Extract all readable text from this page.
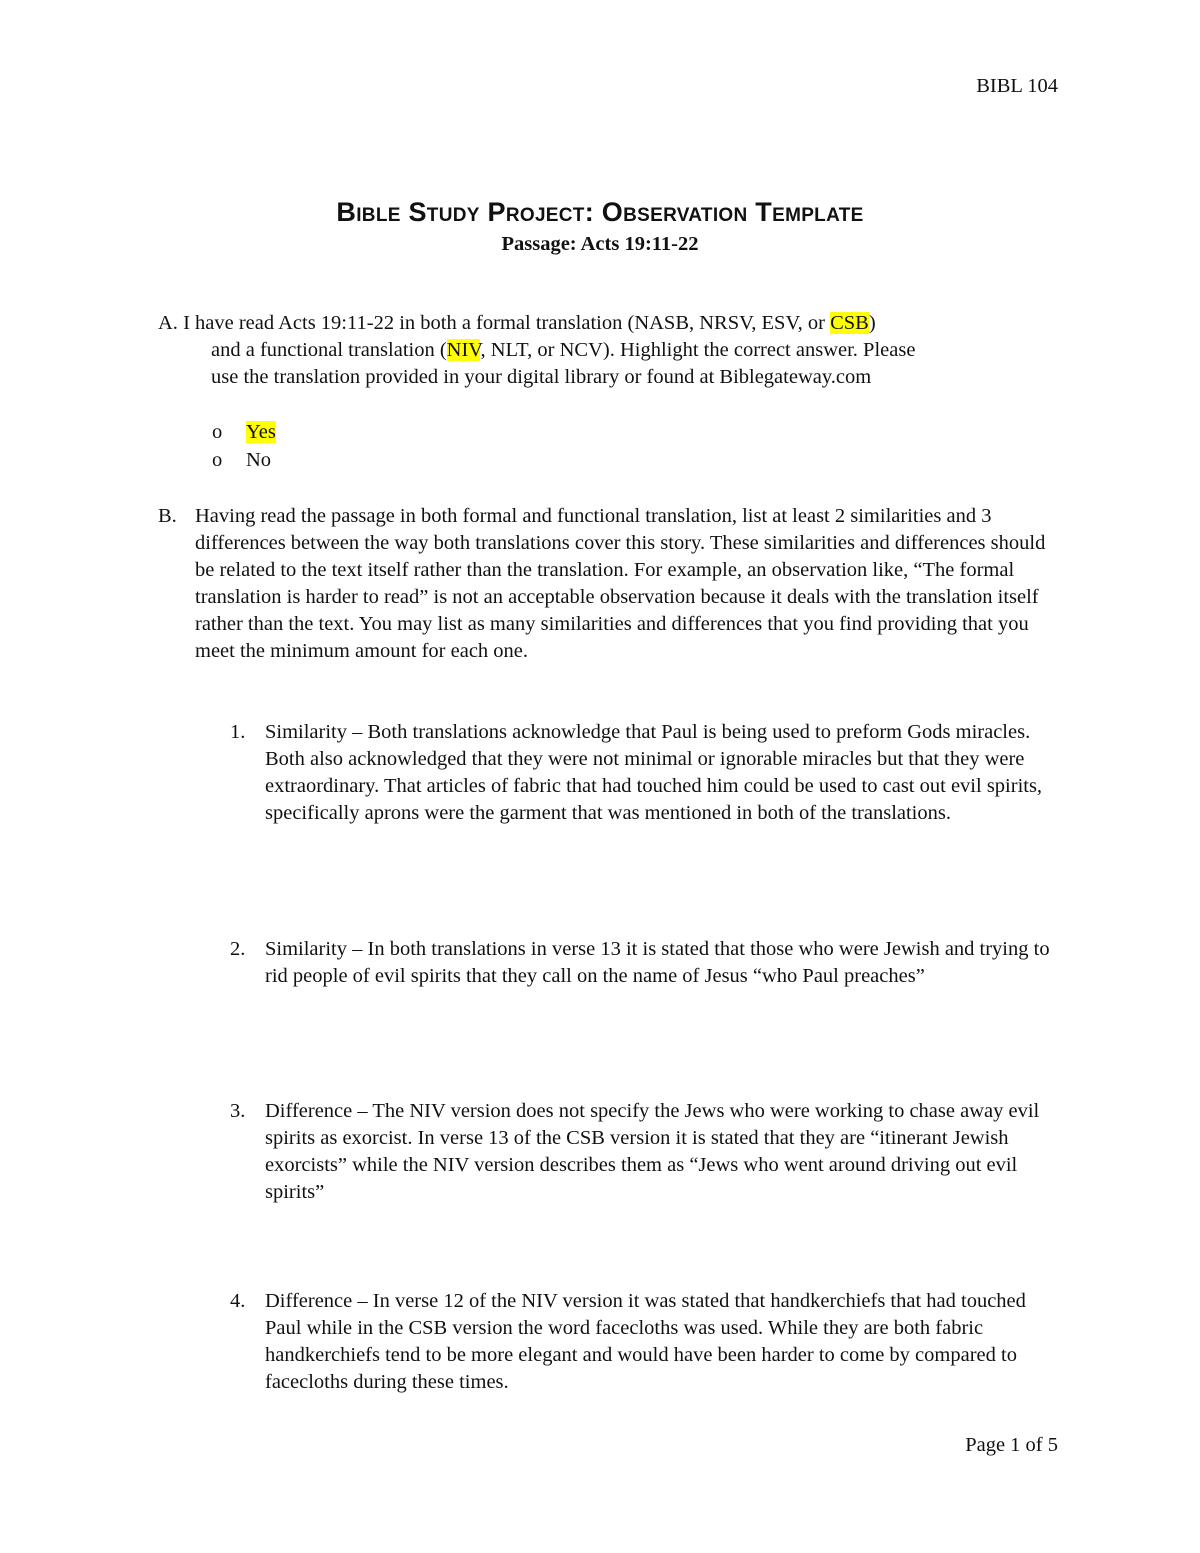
BIBL 104
Bible Study Project: Observation Template
Passage: Acts 19:11-22
A. I have read Acts 19:11-22 in both a formal translation (NASB, NRSV, ESV, or CSB)
and a functional translation (NIV, NLT, or NCV). Highlight the correct answer. Please
use the translation provided in your digital library or found at Biblegateway.com
o Yes
o No
B. Having read the passage in both formal and functional translation, list at least 2 similarities and 3 differences between the way both translations cover this story. These similarities and differences should be related to the text itself rather than the translation. For example, an observation like, “The formal translation is harder to read” is not an acceptable observation because it deals with the translation itself rather than the text. You may list as many similarities and differences that you find providing that you meet the minimum amount for each one.
1. Similarity – Both translations acknowledge that Paul is being used to preform Gods miracles. Both also acknowledged that they were not minimal or ignorable miracles but that they were extraordinary. That articles of fabric that had touched him could be used to cast out evil spirits, specifically aprons were the garment that was mentioned in both of the translations.
2. Similarity – In both translations in verse 13 it is stated that those who were Jewish and trying to rid people of evil spirits that they call on the name of Jesus “who Paul preaches”
3. Difference – The NIV version does not specify the Jews who were working to chase away evil spirits as exorcist. In verse 13 of the CSB version it is stated that they are “itinerant Jewish exorcists” while the NIV version describes them as “Jews who went around driving out evil spirits”
4. Difference – In verse 12 of the NIV version it was stated that handkerchiefs that had touched Paul while in the CSB version the word facecloths was used. While they are both fabric handkerchiefs tend to be more elegant and would have been harder to come by compared to facecloths during these times.
Page 1 of 5
